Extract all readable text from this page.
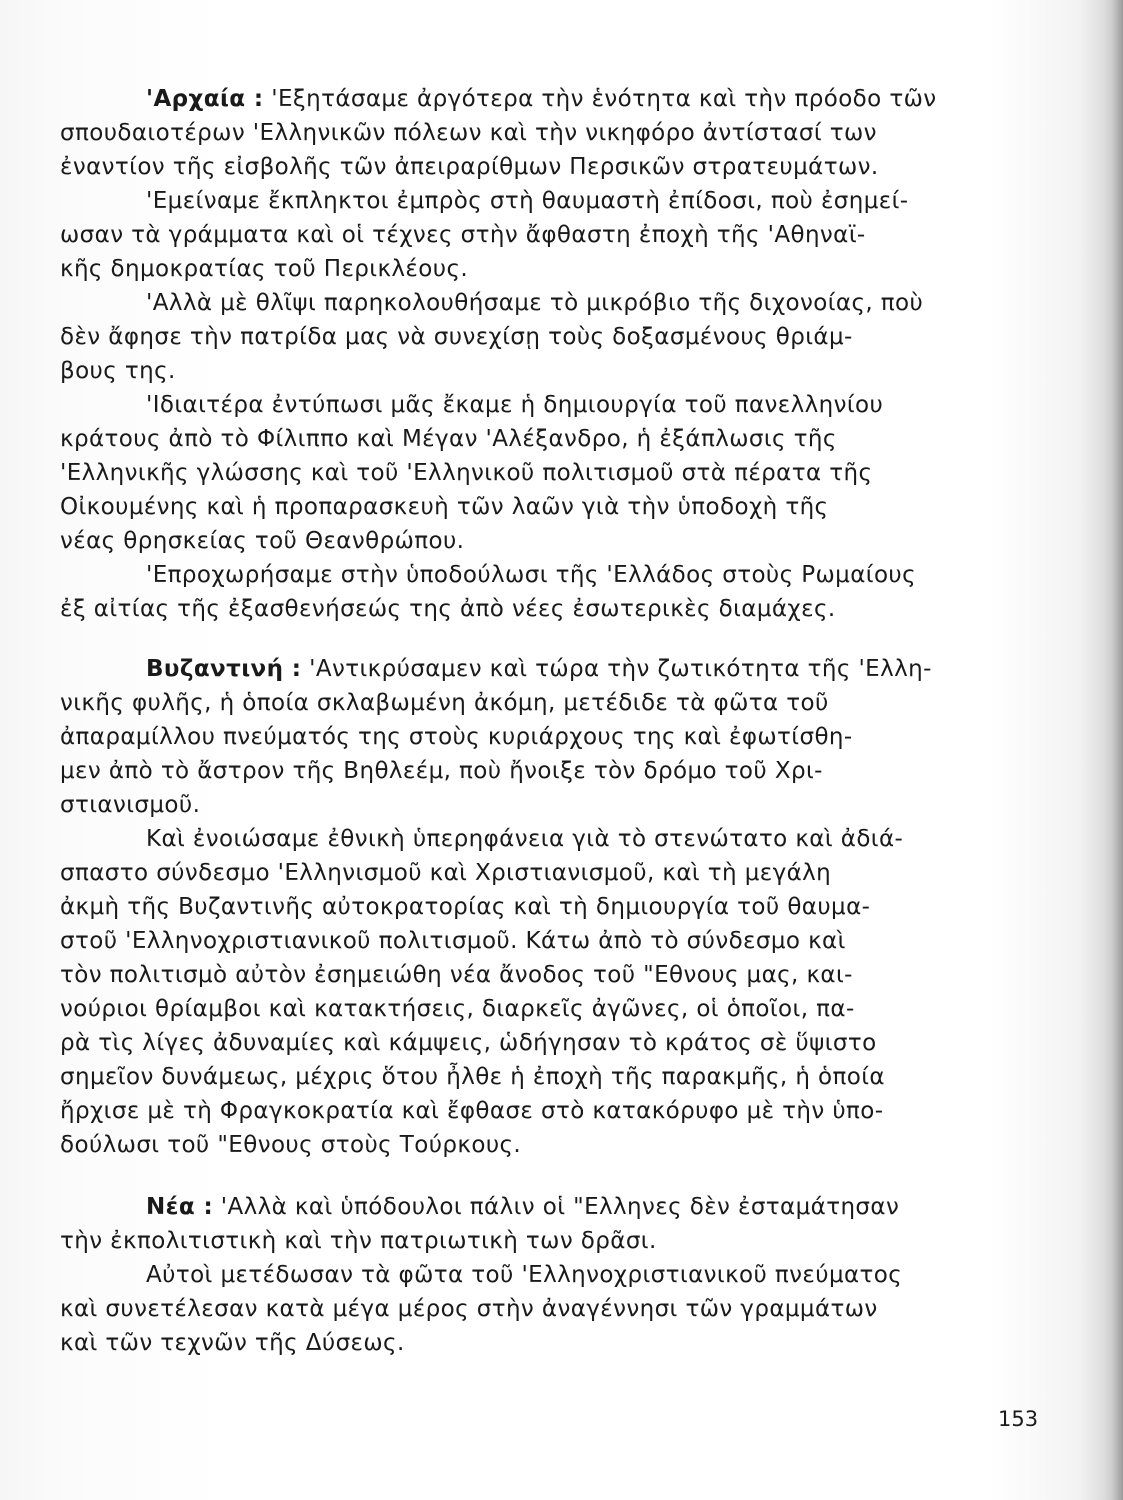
'Αρχαία : 'Εξητάσαμε ἀργότερα τὴν ἑνότητα καὶ τὴν πρόοδο τῶν
σπουδαιοτέρων 'Ελληνικῶν πόλεων καὶ τὴν νικηφόρο ἀντίστασί των
ἐναντίον τῆς εἰσβολῆς τῶν ἀπειραρίθμων Περσικῶν στρατευμάτων.
'Εμείναμε ἔκπληκτοι ἐμπρὸς στὴ θαυμαστὴ ἐπίδοσι, ποὺ ἐσημεί-
ωσαν τὰ γράμματα καὶ οἱ τέχνες στὴν ἄφθαστη ἐποχὴ τῆς 'Αθηναϊ-
κῆς δημοκρατίας τοῦ Περικλέους.
'Αλλὰ μὲ θλῖψι παρηκολουθήσαμε τὸ μικρόβιο τῆς διχονοίας, ποὺ
δὲν ἄφησε τὴν πατρίδα μας νὰ συνεχίσῃ τοὺς δοξασμένους θριάμ-
βους της.
'Ιδιαιτέρα ἐντύπωσι μᾶς ἔκαμε ἡ δημιουργία τοῦ πανελληνίου
κράτους ἀπὸ τὸ Φίλιππο καὶ Μέγαν 'Αλέξανδρο, ἡ ἐξάπλωσις τῆς
'Ελληνικῆς γλώσσης καὶ τοῦ 'Ελληνικοῦ πολιτισμοῦ στὰ πέρατα τῆς
Οἰκουμένης καὶ ἡ προπαρασκευὴ τῶν λαῶν γιὰ τὴν ὑποδοχὴ τῆς
νέας θρησκείας τοῦ Θεανθρώπου.
'Επροχωρήσαμε στὴν ὑποδούλωσι τῆς 'Ελλάδος στοὺς Ρωμαίους
ἐξ αἰτίας τῆς ἐξασθενήσεώς της ἀπὸ νέες ἐσωτερικὲς διαμάχες.
Βυζαντινή : 'Αντικρύσαμεν καὶ τώρα τὴν ζωτικότητα τῆς 'Ελλη-
νικῆς φυλῆς, ἡ ὁποία σκλαβωμένη ἀκόμη, μετέδιδε τὰ φῶτα τοῦ
ἀπαραμίλλου πνεύματός της στοὺς κυριάρχους της καὶ ἐφωτίσθη-
μεν ἀπὸ τὸ ἄστρον τῆς Βηθλεέμ, ποὺ ἤνοιξε τὸν δρόμο τοῦ Χρι-
στιανισμοῦ.
Καὶ ἐνοιώσαμε ἐθνικὴ ὑπερηφάνεια γιὰ τὸ στενώτατο καὶ ἀδιά-
σπαστο σύνδεσμο 'Ελληνισμοῦ καὶ Χριστιανισμοῦ, καὶ τὴ μεγάλη
ἀκμὴ τῆς Βυζαντινῆς αὐτοκρατορίας καὶ τὴ δημιουργία τοῦ θαυμα-
στοῦ 'Ελληνοχριστιανικοῦ πολιτισμοῦ. Κάτω ἀπὸ τὸ σύνδεσμο καὶ
τὸν πολιτισμὸ αὐτὸν ἐσημειώθη νέα ἄνοδος τοῦ "Εθνους μας, και-
νούριοι θρίαμβοι καὶ κατακτήσεις, διαρκεῖς ἀγῶνες, οἱ ὁποῖοι, πα-
ρὰ τὶς λίγες ἀδυναμίες καὶ κάμψεις, ὡδήγησαν τὸ κράτος σὲ ὕψιστο
σημεῖον δυνάμεως, μέχρις ὅτου ἦλθε ἡ ἐποχὴ τῆς παρακμῆς, ἡ ὁποία
ἤρχισε μὲ τὴ Φραγκοκρατία καὶ ἔφθασε στὸ κατακόρυφο μὲ τὴν ὑπο-
δούλωσι τοῦ "Εθνους στοὺς Τούρκους.
Νέα : 'Αλλὰ καὶ ὑπόδουλοι πάλιν οἱ "Ελληνες δὲν ἐσταμάτησαν
τὴν ἐκπολιτιστικὴ καὶ τὴν πατριωτικὴ των δρᾶσι.
Αὐτοὶ μετέδωσαν τὰ φῶτα τοῦ 'Ελληνοχριστιανικοῦ πνεύματος
καὶ συνετέλεσαν κατὰ μέγα μέρος στὴν ἀναγέννησι τῶν γραμμάτων
καὶ τῶν τεχνῶν τῆς Δύσεως.
153
